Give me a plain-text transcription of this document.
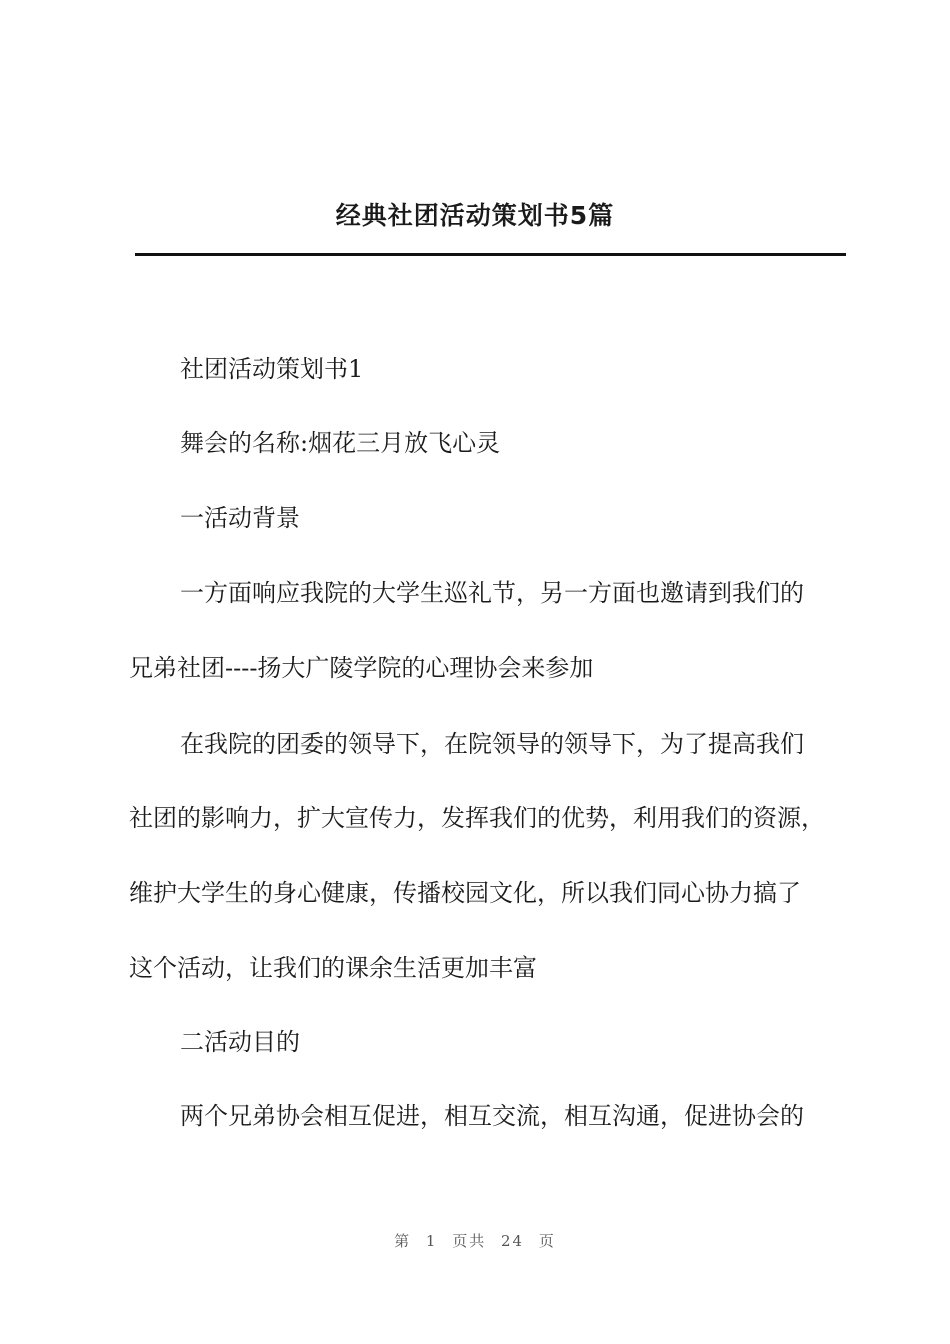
经典社团活动策划书5篇
社团活动策划书1
舞会的名称:烟花三月放飞心灵
一活动背景
一方面响应我院的大学生巡礼节，另一方面也邀请到我们的
兄弟社团----扬大广陵学院的心理协会来参加
在我院的团委的领导下，在院领导的领导下，为了提高我们
社团的影响力，扩大宣传力，发挥我们的优势，利用我们的资源，
维护大学生的身心健康，传播校园文化，所以我们同心协力搞了
这个活动，让我们的课余生活更加丰富
二活动目的
两个兄弟协会相互促进，相互交流，相互沟通，促进协会的
第 1 页共 24 页
